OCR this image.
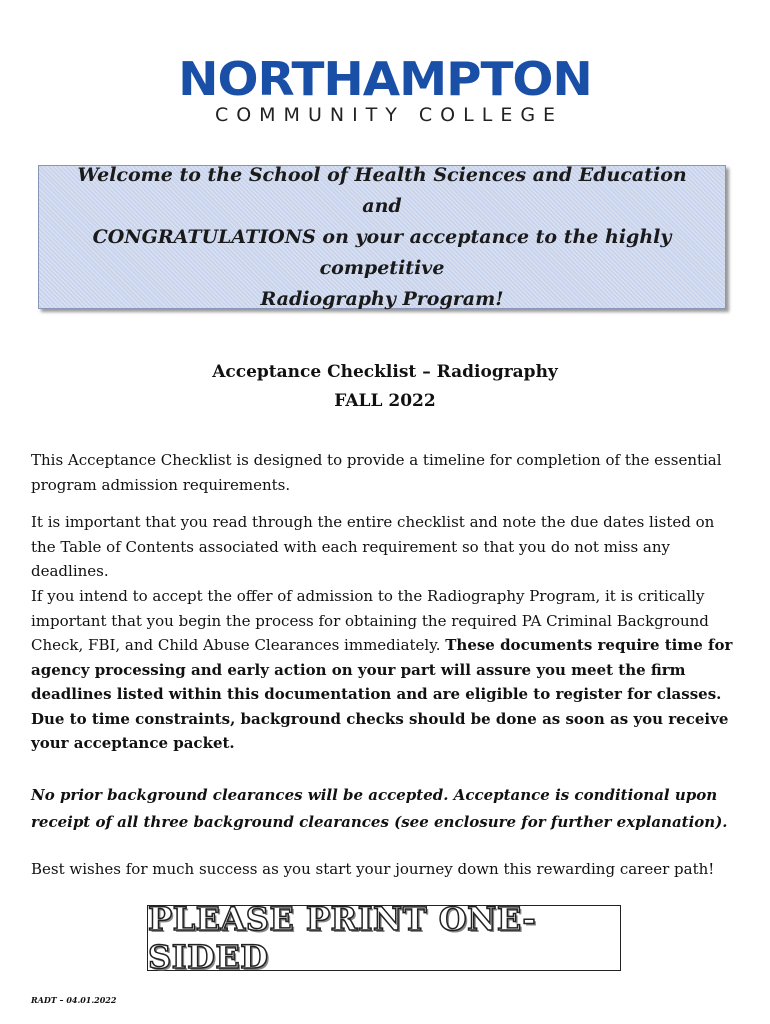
NORTHAMPTON
COMMUNITY COLLEGE
Welcome to the School of Health Sciences and Education
and
CONGRATULATIONS on your acceptance to the highly competitive
Radiography Program!
Acceptance Checklist – Radiography
FALL 2022
This Acceptance Checklist is designed to provide a timeline for completion of the essential program admission requirements.
It is important that you read through the entire checklist and note the due dates listed on the Table of Contents associated with each requirement so that you do not miss any deadlines.
If you intend to accept the offer of admission to the Radiography Program, it is critically important that you begin the process for obtaining the required PA Criminal Background Check, FBI, and Child Abuse Clearances immediately. These documents require time for agency processing and early action on your part will assure you meet the firm deadlines listed within this documentation and are eligible to register for classes. Due to time constraints, background checks should be done as soon as you receive your acceptance packet.
No prior background clearances will be accepted. Acceptance is conditional upon receipt of all three background clearances (see enclosure for further explanation).
Best wishes for much success as you start your journey down this rewarding career path!
PLEASE PRINT ONE-SIDED
RADT – 04.01.2022
